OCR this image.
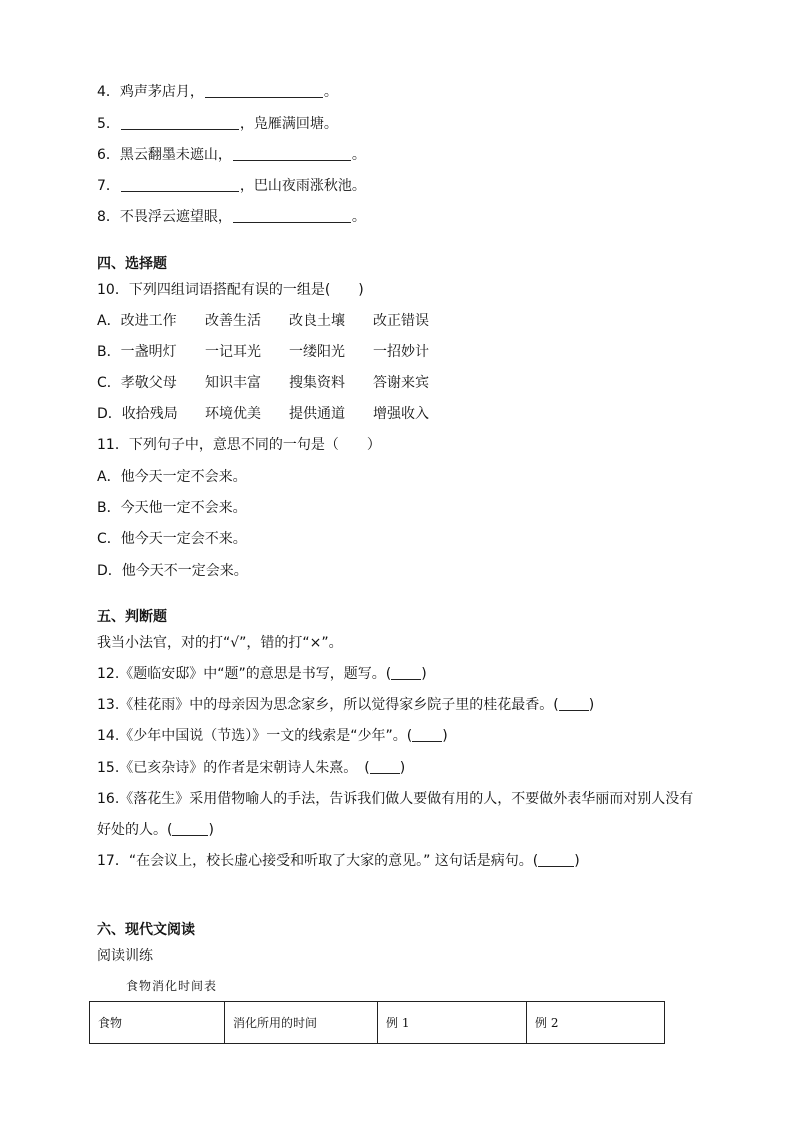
4．鸡声茅店月，	。
5．	，凫雁满回塘。
6．黑云翻墨未遮山，	。
7．	，巴山夜雨涨秋池。
8．不畏浮云遮望眼，	。
四、选择题
10．下列四组词语搭配有误的一组是(　　)
A．改进工作 改善生活 改良土壤 改正错误
B．一盏明灯 一记耳光 一缕阳光 一招妙计
C．孝敬父母 知识丰富 搜集资料 答谢来宾
D．收拾残局 环境优美 提供通道 增强收入
11．下列句子中，意思不同的一句是（　　）
A．他今天一定不会来。
B．今天他一定不会来。
C．他今天一定会不来。
D．他今天不一定会来。
五、判断题
我当小法官，对的打“√”，错的打“×”。
12.《题临安邸》中“题”的意思是书写，题写。( )
13.《桂花雨》中的母亲因为思念家乡，所以觉得家乡院子里的桂花最香。( )
14.《少年中国说（节选）》一文的线索是“少年”。( )
15.《已亥杂诗》的作者是宋朝诗人朱熹。　( )
16.《落花生》采用借物喻人的手法，告诉我们做人要做有用的人，不要做外表华丽而对别人没有
好处的人。(	)
17．“在会议上，校长虚心接受和听取了大家的意见。” 这句话是病句。(	)
六、现代文阅读
阅读训练
食物消化时间表
食物	消化所用的时间	例 1	例 2
